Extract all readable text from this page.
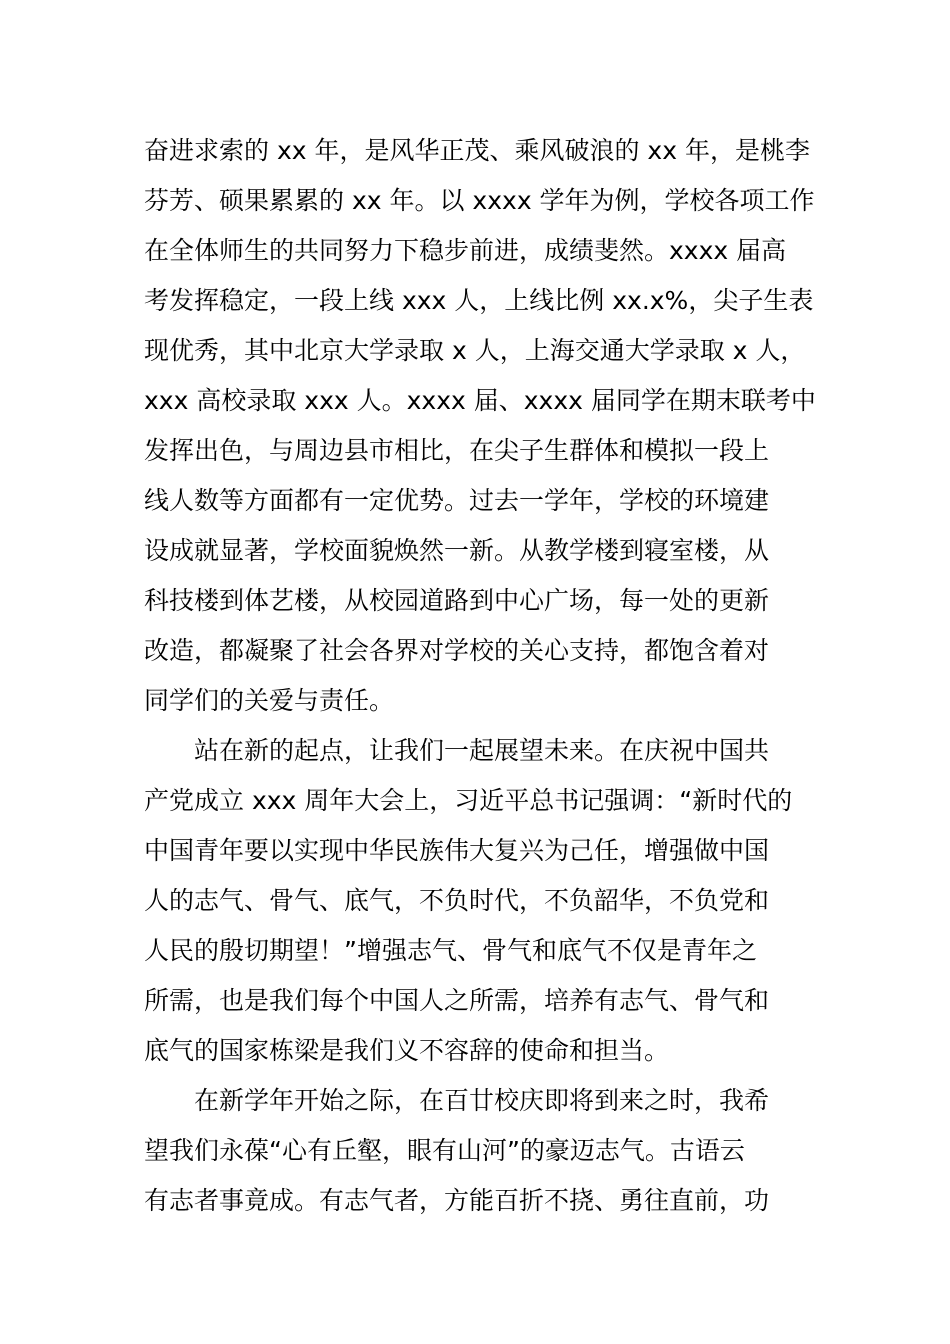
奋进求索的 xx 年，是风华正茂、乘风破浪的 xx 年，是桃李
芬芳、硕果累累的 xx 年。以 xxxx 学年为例，学校各项工作
在全体师生的共同努力下稳步前进，成绩斐然。xxxx 届高
考发挥稳定，一段上线 xxx 人，上线比例 xx.x%，尖子生表
现优秀，其中北京大学录取 x 人，上海交通大学录取 x 人，
xxx 高校录取 xxx 人。xxxx 届、xxxx 届同学在期末联考中
发挥出色，与周边县市相比，在尖子生群体和模拟一段上
线人数等方面都有一定优势。过去一学年，学校的环境建
设成就显著，学校面貌焕然一新。从教学楼到寝室楼，从
科技楼到体艺楼，从校园道路到中心广场，每一处的更新
改造，都凝聚了社会各界对学校的关心支持，都饱含着对
同学们的关爱与责任。
站在新的起点，让我们一起展望未来。在庆祝中国共
产党成立 xxx 周年大会上，习近平总书记强调：“新时代的
中国青年要以实现中华民族伟大复兴为己任，增强做中国
人的志气、骨气、底气，不负时代，不负韶华，不负党和
人民的殷切期望！”增强志气、骨气和底气不仅是青年之
所需，也是我们每个中国人之所需，培养有志气、骨气和
底气的国家栋梁是我们义不容辞的使命和担当。
在新学年开始之际，在百廿校庆即将到来之时，我希
望我们永葆“心有丘壑，眼有山河”的豪迈志气。古语云
有志者事竟成。有志气者，方能百折不挠、勇往直前，功
